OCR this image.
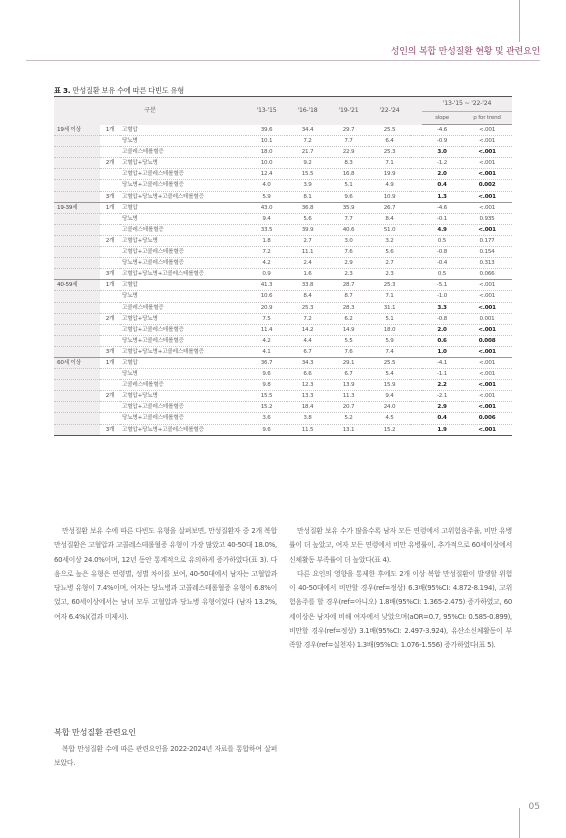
성인의 복합 만성질환 현황 및 관련요인
표 3. 만성질환 보유 수에 따른 다빈도 유형
구분			'13-'15	'16-'18	'19-'21	'22-'24		'13-'15 ~ '22-'24	
								slope	p for trend
19세 이상	1개	고혈압	39.6	34.4	29.7	25.5		-4.6	<.001
		당뇨병	10.1	7.2	7.7	6.4		-0.9	<.001
		고콜레스테롤혈증	18.0	21.7	22.9	25.3		3.0	<.001
	2개	고혈압+당뇨병	10.0	9.2	8.3	7.1		-1.2	<.001
		고혈압+고콜레스테롤혈증	12.4	15.5	16.8	19.9		2.0	<.001
		당뇨병+고콜레스테롤혈증	4.0	3.9	5.1	4.9		0.4	0.002
	3개	고혈압+당뇨병+고콜레스테롤혈증	5.9	8.1	9.6	10.9		1.3	<.001
19-39세	1개	고혈압	43.0	36.8	35.9	26.7		-4.6	<.001
		당뇨병	9.4	5.6	7.7	8.4		-0.1	0.935
		고콜레스테롤혈증	33.5	39.9	40.6	51.0		4.9	<.001
	2개	고혈압+당뇨병	1.8	2.7	3.0	3.2		0.5	0.177
		고혈압+고콜레스테롤혈증	7.2	11.1	7.6	5.6		-0.8	0.154
		당뇨병+고콜레스테롤혈증	4.2	2.4	2.9	2.7		-0.4	0.313
	3개	고혈압+당뇨병+고콜레스테롤혈증	0.9	1.6	2.3	2.3		0.5	0.066
40-59세	1개	고혈압	41.3	33.8	28.7	25.3		-5.1	<.001
		당뇨병	10.6	8.4	8.7	7.1		-1.0	<.001
		고콜레스테롤혈증	20.9	25.3	28.3	31.1		3.3	<.001
	2개	고혈압+당뇨병	7.5	7.2	6.2	5.1		-0.8	0.001
		고혈압+고콜레스테롤혈증	11.4	14.2	14.9	18.0		2.0	<.001
		당뇨병+고콜레스테롤혈증	4.2	4.4	5.5	5.9		0.6	0.008
	3개	고혈압+당뇨병+고콜레스테롤혈증	4.1	6.7	7.6	7.4		1.0	<.001
60세 이상	1개	고혈압	36.7	34.3	29.1	25.5		-4.1	<.001
		당뇨병	9.6	6.6	6.7	5.4		-1.1	<.001
		고콜레스테롤혈증	9.8	12.3	13.9	15.9		2.2	<.001
	2개	고혈압+당뇨병	15.5	13.3	11.3	9.4		-2.1	<.001
		고혈압+고콜레스테롤혈증	15.2	18.4	20.7	24.0		2.9	<.001
		당뇨병+고콜레스테롤혈증	3.6	3.8	5.2	4.5		0.4	0.006
	3개	고혈압+당뇨병+고콜레스테롤혈증	9.6	11.5	13.1	15.2		1.9	<.001

만성질환 보유 수에 따른 다빈도 유형을 살펴보면, 만성질환자 중 2개 복합 만성질환은 고혈압과 고콜레스테롤혈증 유형이 가장 많았고 40-50대 18.0%, 60세이상 24.0%이며, 12년 동안 통계적으로 유의하게 증가하였다(표 3). 다음으로 높은 유형은 연령별, 성별 차이를 보여, 40-50대에서 남자는 고혈압과 당뇨병 유형이 7.4%이며, 여자는 당뇨병과 고콜레스테롤혈증 유형이 6.8%이었고, 60세이상에서는 남녀 모두 고혈압과 당뇨병 유형이었다 (남자 13.2%, 여자 6.4%)(결과 미제시).

복합 만성질환 관련요인

복합 만성질환 수에 따른 관련요인을 2022-2024년 자료를 통합하여 살펴보았다.

만성질환 보유 수가 많을수록 남자 모든 연령에서 고위험음주율, 비만 유병률이 더 높았고, 여자 모든 연령에서 비만 유병률이, 추가적으로 60세이상에서 신체활동 부족률이 더 높았다(표 4).

다른 요인의 영향을 통제한 후에도 2개 이상 복합 만성질환이 발생할 위험이 40-50대에서 비만할 경우(ref=정상) 6.3배(95%CI: 4.872-8.194), 고위험음주를 할 경우(ref=아니오) 1.8배(95%CI: 1.365-2.475) 증가하였고, 60세이상은 남자에 비해 여자에서 낮았으며(aOR=0.7, 95%CI: 0.585-0.899), 비만할 경우(ref=정상) 3.1배(95%CI: 2.497-3.924), 유산소신체활동이 부족할 경우(ref=실천자) 1.3배(95%CI: 1.076-1.556) 증가하였다(표 5).

05
